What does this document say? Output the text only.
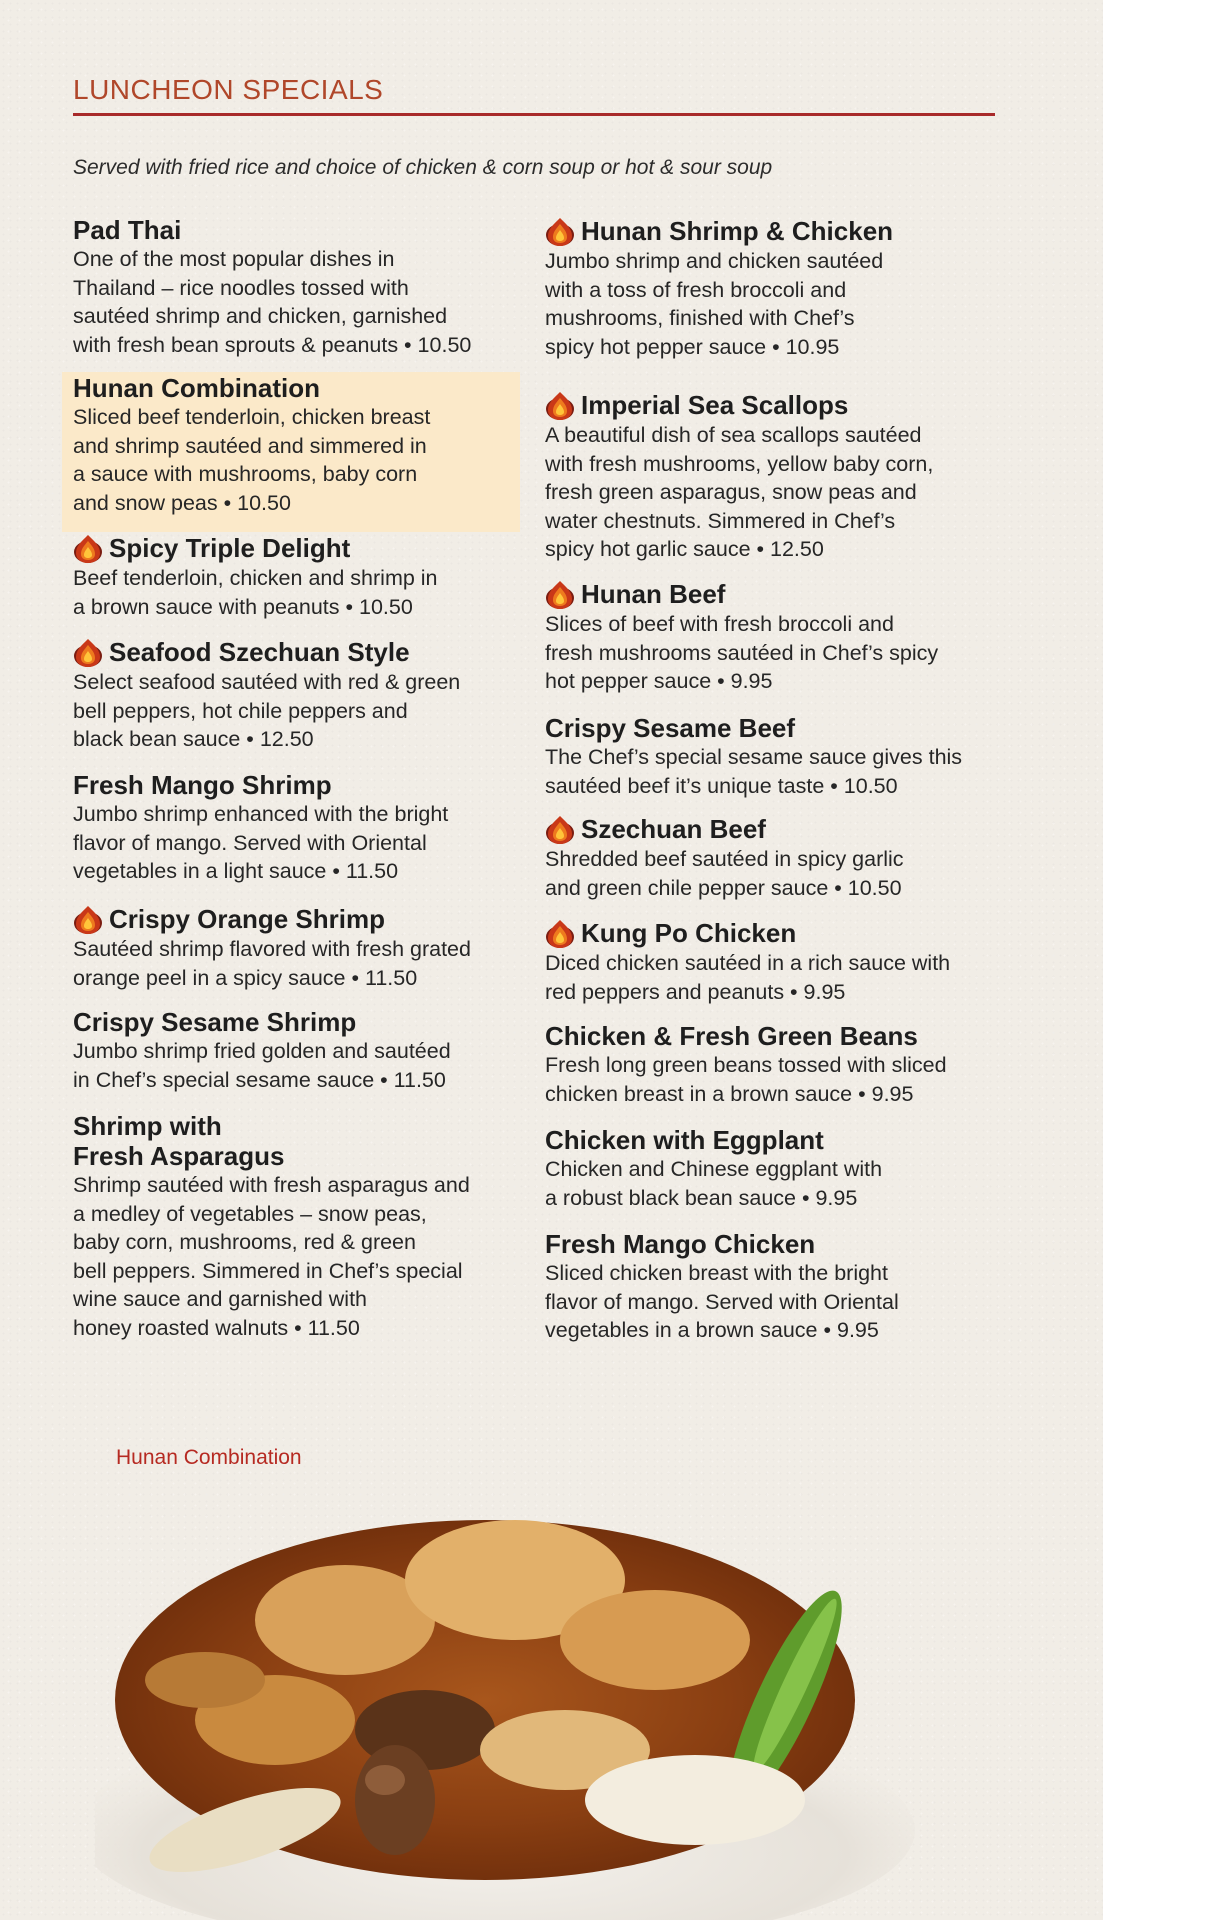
LUNCHEON SPECIALS
Served with fried rice and choice of chicken & corn soup or hot & sour soup
Hunan Combination
Pad Thai

One of the most popular dishes in

Thailand – rice noodles tossed with

sautéed shrimp and chicken, garnished

with fresh bean sprouts & peanuts • 10.50

Hunan Combination

Sliced beef tenderloin, chicken breast

and shrimp sautéed and simmered in

a sauce with mushrooms, baby corn

and snow peas • 10.50

Spicy Triple Delight

Beef tenderloin, chicken and shrimp in

a brown sauce with peanuts • 10.50

Seafood Szechuan Style

Select seafood sautéed with red & green

bell peppers, hot chile peppers and

black bean sauce • 12.50

Fresh Mango Shrimp

Jumbo shrimp enhanced with the bright

flavor of mango. Served with Oriental

vegetables in a light sauce • 11.50

Crispy Orange Shrimp

Sautéed shrimp flavored with fresh grated

orange peel in a spicy sauce • 11.50

Crispy Sesame Shrimp

Jumbo shrimp fried golden and sautéed

in Chef’s special sesame sauce • 11.50

Shrimp with
Fresh Asparagus

Shrimp sautéed with fresh asparagus and

a medley of vegetables – snow peas,

baby corn, mushrooms, red & green

bell peppers. Simmered in Chef’s special

wine sauce and garnished with

honey roasted walnuts • 11.50

Hunan Shrimp & Chicken

Jumbo shrimp and chicken sautéed

with a toss of fresh broccoli and

mushrooms, finished with Chef’s

spicy hot pepper sauce • 10.95

Imperial Sea Scallops

A beautiful dish of sea scallops sautéed

with fresh mushrooms, yellow baby corn,

fresh green asparagus, snow peas and

water chestnuts. Simmered in Chef’s

spicy hot garlic sauce • 12.50

Hunan Beef

Slices of beef with fresh broccoli and

fresh mushrooms sautéed in Chef’s spicy

hot pepper sauce • 9.95

Crispy Sesame Beef

The Chef’s special sesame sauce gives this

sautéed beef it’s unique taste • 10.50

Szechuan Beef

Shredded beef sautéed in spicy garlic

and green chile pepper sauce • 10.50

Kung Po Chicken

Diced chicken sautéed in a rich sauce with

red peppers and peanuts • 9.95

Chicken & Fresh Green Beans

Fresh long green beans tossed with sliced

chicken breast in a brown sauce • 9.95

Chicken with Eggplant

Chicken and Chinese eggplant with

a robust black bean sauce • 9.95

Fresh Mango Chicken

Sliced chicken breast with the bright

flavor of mango. Served with Oriental

vegetables in a brown sauce • 9.95
